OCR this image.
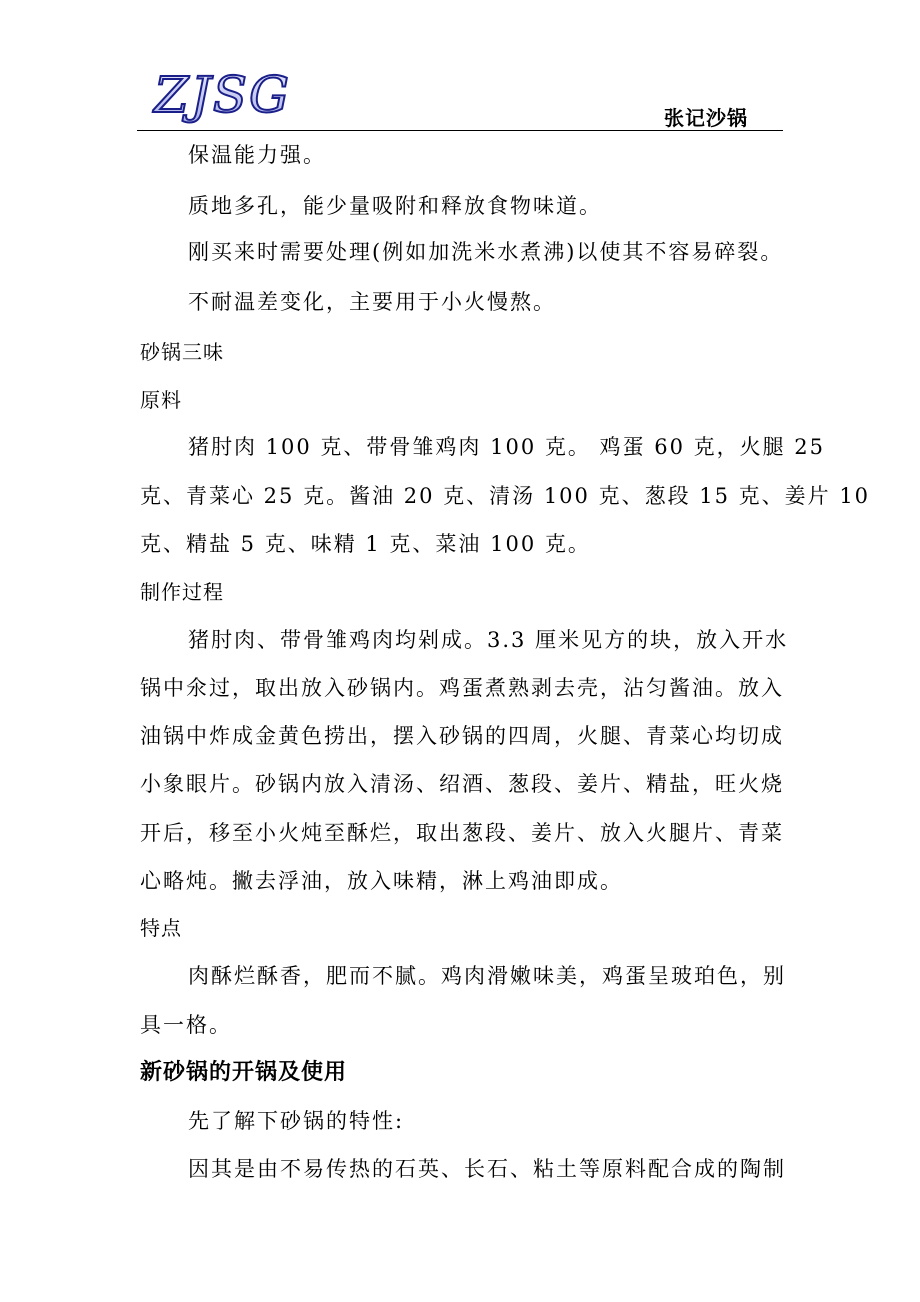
ZJSG	张记沙锅
保温能力强。
质地多孔，能少量吸附和释放食物味道。
刚买来时需要处理(例如加洗米水煮沸)以使其不容易碎裂。
不耐温差变化，主要用于小火慢熬。
砂锅三味
原料
猪肘肉 100 克、带骨雏鸡肉 100 克。 鸡蛋 60 克，火腿 25
克、青菜心 25 克。酱油 20 克、清汤 100 克、葱段 15 克、姜片 10
克、精盐 5 克、味精 1 克、菜油 100 克。
制作过程
猪肘肉、带骨雏鸡肉均剁成。3.3 厘米见方的块，放入开水
锅中氽过，取出放入砂锅内。鸡蛋煮熟剥去壳，沾匀酱油。放入
油锅中炸成金黄色捞出，摆入砂锅的四周，火腿、青菜心均切成
小象眼片。砂锅内放入清汤、绍酒、葱段、姜片、精盐，旺火烧
开后，移至小火炖至酥烂，取出葱段、姜片、放入火腿片、青菜
心略炖。撇去浮油，放入味精，淋上鸡油即成。
特点
肉酥烂酥香，肥而不腻。鸡肉滑嫩味美，鸡蛋呈玻珀色，别
具一格。
新砂锅的开锅及使用
先了解下砂锅的特性:
因其是由不易传热的石英、长石、粘土等原料配合成的陶制
